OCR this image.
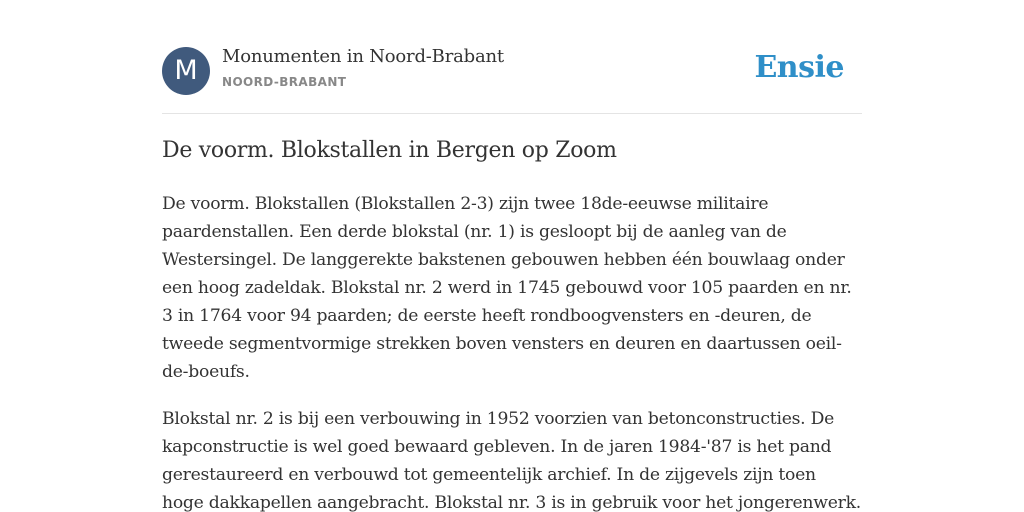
M	Monumenten in Noord-Brabant
NOORD-BRABANT	Ensie
De voorm. Blokstallen in Bergen op Zoom

De voorm. Blokstallen (Blokstallen 2-3) zijn twee 18de-eeuwse militaire
paardenstallen. Een derde blokstal (nr. 1) is gesloopt bij de aanleg van de
Westersingel. De langgerekte bakstenen gebouwen hebben één bouwlaag onder
een hoog zadeldak. Blokstal nr. 2 werd in 1745 gebouwd voor 105 paarden en nr.
3 in 1764 voor 94 paarden; de eerste heeft rondboogvensters en -deuren, de
tweede segmentvormige strekken boven vensters en deuren en daartussen oeil-
de-boeufs.

Blokstal nr. 2 is bij een verbouwing in 1952 voorzien van betonconstructies. De
kapconstructie is wel goed bewaard gebleven. In de jaren 1984-'87 is het pand
gerestaureerd en verbouwd tot gemeentelijk archief. In de zijgevels zijn toen
hoge dakkapellen aangebracht. Blokstal nr. 3 is in gebruik voor het jongerenwerk.
